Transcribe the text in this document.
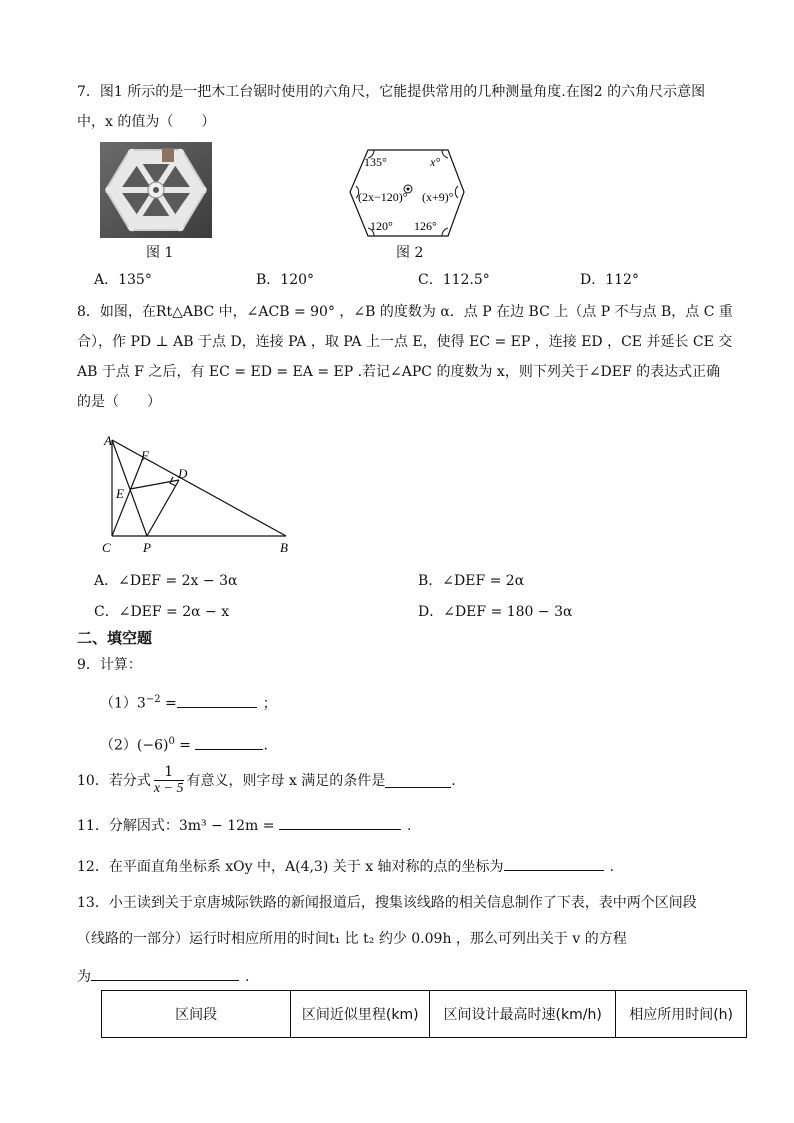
7．图1 所示的是一把木工台锯时使用的六角尺，它能提供常用的几种测量角度.在图2 的六角尺示意图
中，x 的值为（　　）
图 1
135°	x°
(2x−120)° (x+9)°
120° 126°
图 2
A．135°	B．120°	C．112.5°	D．112°
8．如图，在Rt△ABC 中，∠ACB = 90° ，∠B 的度数为 α．点 P 在边 BC 上（点 P 不与点 B，点 C 重
合），作 PD ⊥ AB 于点 D，连接 PA ，取 PA 上一点 E，使得 EC = EP ，连接 ED ，CE 并延长 CE 交
AB 于点 F 之后，有 EC = ED = EA = EP .若记∠APC 的度数为 x，则下列关于∠DEF 的表达式正确
的是（　　）
A
F
D
E
C P	B
A．∠DEF = 2x − 3α	B．∠DEF = 2α
C．∠DEF = 2α − x	D．∠DEF = 180 − 3α
二、填空题
9．计算：
$(1)3^{-2}$ =	；
$(2)(-6)^0$ =	.
10．若分式 $\frac{1}{x - 5}$ 有意义，则字母 x 满足的条件是	.
11．分解因式：3m³ − 12m =	.
12．在平面直角坐标系 xOy 中，A(4,3) 关于 x 轴对称的点的坐标为	.
13．小王读到关于京唐城际铁路的新闻报道后，搜集该线路的相关信息制作了下表，表中两个区间段
（线路的一部分）运行时相应所用的时间t₁ 比 t₂ 约少 0.09h ，那么可列出关于 v 的方程
为	.
区间段	区间近似里程(km)	区间设计最高时速(km/h)	相应所用时间(h)
